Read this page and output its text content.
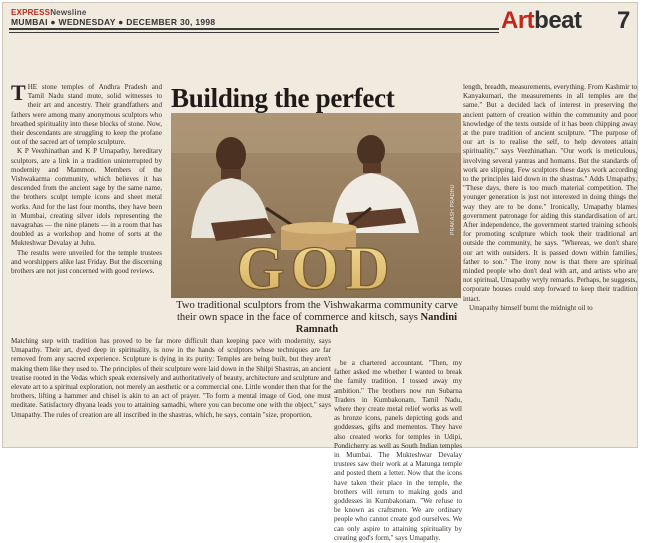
EXPRESSNewsline
MUMBAI ● WEDNESDAY ● DECEMBER 30, 1998	Artbeat 7

THE stone temples of Andhra Pradesh and Tamil Nadu stand mute, solid witnesses to their art and ancestry. Their grandfathers and fathers were among many anonymous sculptors who breathed spirituality into these blocks of stone. Now, their descendants are struggling to keep the profane out of the sacred art of temple sculpture.

K P Veezhinathan and K P Umapathy, hereditary sculptors, are a link in a tradition uninterrupted by modernity and Mammon. Members of the Vishwakarma community, which believes it has descended from the ancient sage by the same name, the brothers sculpt temple icons and sheet metal works. And for the last four months, they have been in Mumbai, creating silver idols representing the navagrahas — the nine planets — in a room that has doubled as a workshop and home of sorts at the Mukteshwar Devalay at Juhu.

The results were unveiled for the temple trustees and worshippers alike last Friday. But the discerning brothers are not just concerned with good reviews.

Building the perfect
GOD
PRAKASH PRADHU
Two traditional sculptors from the Vishwakarma community carve their own space in the face of commerce and kitsch, says Nandini Ramnath

length, breadth, measurements, everything. From Kashmir to Kanyakumari, the measurements in all temples are the same." But a decided lack of interest in preserving the ancient pattern of creation within the community and poor knowledge of the texts outside of it has been chipping away at the pure tradition of ancient sculpture. "The purpose of our art is to realise the self, to help devotees attain spirituality," says Veezhinathan. "Our work is meticulous, involving several yantras and homams. But the standards of work are slipping. Few sculptors these days work according to the principles laid down in the shastras." Adds Umapathy, "These days, there is too much material competition. The younger generation is just not interested in doing things the way they are to be done." Ironically, Umapathy blames government patronage for aiding this standardisation of art. After independence, the government started training schools for promoting sculpture which took their traditional art outside the community, he says. "Whereas, we don't share our art with outsiders. It is passed down within families, father to son." The irony now is that there are spiritual minded people who don't deal with art, and artists who are not spiritual, Umapathy wryly remarks. Perhaps, he suggests, corporate houses could step forward to keep their tradition intact.

Umapathy himself burnt the midnight oil to

Matching step with tradition has proved to be far more difficult than keeping pace with modernity, says Umapathy. Their art, dyed deep in spirituality, is now in the hands of sculptors whose techniques are far removed from any sacred experience. Sculpture is dying in its purity: Temples are being built, but they aren't making them like they used to. The principles of their sculpture were laid down in the Shilpi Shastras, an ancient treatise rooted in the Vedas which speak extensively and authoritatively of beauty, architecture and sculpture and elevate art to a spiritual exploration, not merely an aesthetic or a commercial one. Little wonder then that for the brothers, lifting a hammer and chisel is akin to an act of prayer. "To form a mental image of God, one must meditate. Satisfactory dhyana leads you to attaining samadhi, where you can become one with the object," says Umapathy. The rules of creation are all inscribed in the shastras, which, he says, contain "size, proportion,

be a chartered accountant. "Then, my father asked me whether I wanted to break the family tradition. I tossed away my ambition." The brothers now run Subarna Traders in Kumbakonam, Tamil Nadu, where they create metal relief works as well as bronze icons, panels depicting gods and goddesses, gifts and mementos. They have also created works for temples in Udipi, Pondicherry as well as South Indian temples in Mumbai. The Mukteshwar Devalay trustees saw their work at a Matunga temple and posted them a letter. Now that the icons have taken their place in the temple, the brothers will return to making gods and goddesses in Kumbakonam. "We refuse to be known as craftsmen. We are ordinary people who cannot create god ourselves. We can only aspire to attaining spirituality by creating god's form," says Umapathy.
